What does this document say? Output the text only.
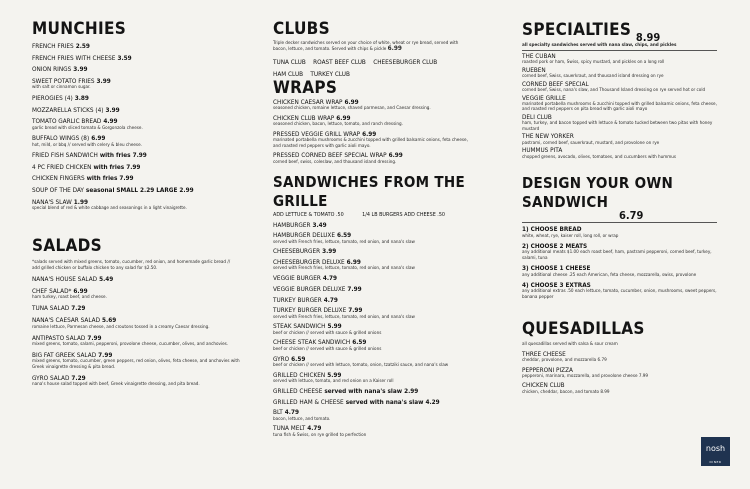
MUNCHIES
FRENCH FRIES 2.59
FRENCH FRIES WITH CHEESE 3.59
ONION RINGS 3.99
SWEET POTATO FRIES 3.99
with salt or cinnamon sugar.
PIEROGIES (4) 3.89
MOZZARELLA STICKS (4) 3.99
TOMATO GARLIC BREAD 4.99
garlic bread with sliced tomato & Gorgonzola cheese.
BUFFALO WINGS (8) 6.99
hot, mild, or bbq // served with celery & bleu cheese.
FRIED FISH SANDWICH with fries 7.99
4 PC FRIED CHICKEN with fries 7.99
CHICKEN FINGERS with fries 7.99
SOUP OF THE DAY seasonal SMALL 2.29 LARGE 2.99
NANA'S SLAW 1.99
special blend of red & white cabbage and seasonings in a light vinaigrette.
SALADS
*salads served with mixed greens, tomato, cucumber, red onion, and homemade garlic bread // add grilled chicken or buffalo chicken to any salad for $2.50.
NANA'S HOUSE SALAD 5.49
CHEF SALAD* 6.99
ham turkey, roast beef, and cheese.
TUNA SALAD 7.29
NANA'S CAESAR SALAD 5.69
romaine lettuce, Parmesan cheese, and croutons tossed in a creamy Caesar dressing.
ANTIPASTO SALAD 7.99
mixed greens, tomato, salami, pepperoni, provolone cheese, cucumber, olives, and anchovies.
BIG FAT GREEK SALAD 7.99
mixed greens, tomato, cucumber, green peppers, red onion, olives, feta cheese, and anchovies with Greek vinaigrette dressing & pita bread.
GYRO SALAD 7.29
nana's house salad topped with beef, Greek vinaigrette dressing, and pita bread.
CLUBS
Triple decker sandwiches served on your choice of white, wheat or rye bread, served with bacon, lettuce, and tomato. Served with chips & pickle 6.99
TUNA CLUB ROAST BEEF CLUB CHEESEBURGER CLUB
HAM CLUB TURKEY CLUB
WRAPS
CHICKEN CAESAR WRAP 6.99
seasoned chicken, romaine lettuce, shaved parmesan, and Caesar dressing.
CHICKEN CLUB WRAP 6.99
seasoned chicken, bacon, lettuce, tomato, and ranch dressing.
PRESSED VEGGIE GRILL WRAP 6.99
marinated portabella mushrooms & zucchini topped with grilled balsamic onions, feta cheese, and roasted red peppers with garlic aioli mayo.
PRESSED CORNED BEEF SPECIAL WRAP 6.99
corned beef, swiss, coleslaw, and thousand island dressing.
SANDWICHES FROM THE GRILLE
ADD LETTUCE & TOMATO .50	1/4 LB BURGERS ADD CHEESE .50
HAMBURGER 3.49
HAMBURGER DELUXE 6.59
served with French fries, lettuce, tomato, red onion, and nana's slaw
CHEESEBURGER 3.99
CHEESEBURGER DELUXE 6.99
served with French fries, lettuce, tomato, red onion, and nana's slaw
VEGGIE BURGER 4.79
VEGGIE BURGER DELUXE 7.99
TURKEY BURGER 4.79
TURKEY BURGER DELUXE 7.99
served with French fries, lettuce, tomato, red onion, and nana's slaw
STEAK SANDWICH 5.99
beef or chicken // served with sauce & grilled onions
CHEESE STEAK SANDWICH 6.59
beef or chicken // served with sauce & grilled onions
GYRO 6.59
beef or chicken // served with lettuce, tomato, onion, tzatziki sauce, and nana's slaw
GRILLED CHICKEN 5.99
served with lettuce, tomato, and red onion on a Kaiser roll
GRILLED CHEESE served with nana's slaw 2.99
GRILLED HAM & CHEESE served with nana's slaw 4.29
BLT 4.79
bacon, lettuce, and tomato.
TUNA MELT 4.79
tuna fish & Swiss, on rye grilled to perfection
SPECIALTIES $_{8.99}$
all specialty sandwiches served with nana slaw, chips, and pickles
THE CUBAN
roasted pork or ham, Swiss, spicy mustard, and pickles on a long roll
RUEBEN
corned beef, Swiss, sauerkraut, and thousand island dressing on rye
CORNED BEEF SPECIAL
corned beef, Swiss, nana's slaw, and Thousand Island dressing on rye served hot or cold
VEGGIE GRILLE
marinated portabella mushrooms & zucchini topped with grilled balsamic onions, feta cheese, and roasted red peppers on pita bread with garlic aioli mayo
DELI CLUB
ham, turkey, and bacon topped with lettuce & tomato tucked between two pitas with honey mustard
THE NEW YORKER
pastrami, corned beef, sauerkraut, mustard, and provolone on rye
HUMMUS PITA
chopped greens, avocado, olives, tomatoes, and cucumbers with hummus
DESIGN YOUR OWN SANDWICH
6.79
1) CHOOSE BREAD
white, wheat, rye, kaiser roll, long roll, or wrap
2) CHOOSE 2 MEATS
any additional meats $1.00 each roast beef, ham, pastrami pepperoni, corned beef, turkey, salami, tuna
3) CHOOSE 1 CHEESE
any additional cheese .25 each American, feta cheese, mozzarella, swiss, provolone
4) CHOOSE 3 EXTRAS
any additional extras .50 each lettuce, tomato, cucumber, onion, mushrooms, sweet peppers, banana pepper
QUESADILLAS
all quesadillas served with salsa & sour cream
THREE CHEESE
cheddar, provolone, and mozzarella 6.79
PEPPERONI PIZZA
pepperoni, marinara, mozzarella, and provolone cheese 7.99
CHICKEN CLUB
chicken, cheddar, bacon, and tomato 8.99
nosh
DINER
